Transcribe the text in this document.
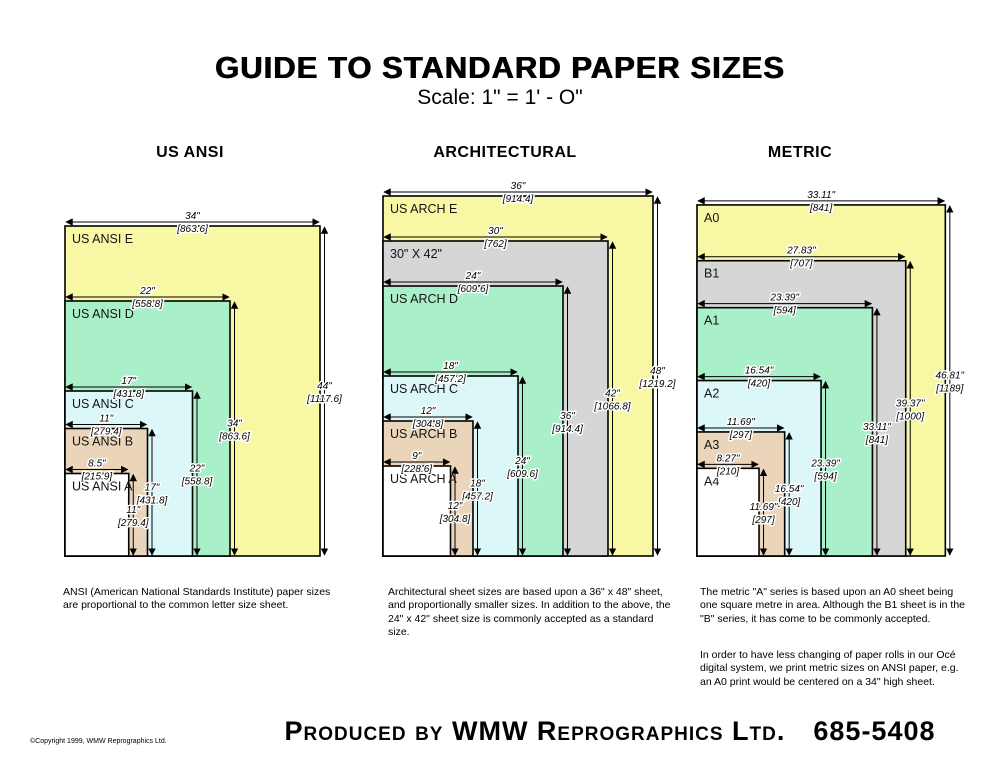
GUIDE TO STANDARD PAPER SIZES
Scale: 1" = 1' - O"
US ANSI	ARCHITECTURAL	METRIC
US ANSI E
US ANSI D
US ANSI C
US ANSI B
US ANSI A
34"
[863.6]
44"
[1117.6]
22"
[558.8]
34"
[863.6]
17"
[431.8]
22"
[558.8]
11"
[279.4]
17"
[431.8]
8.5"
[215.9]
11"
[279.4]
US ARCH E
30" X 42"
US ARCH D
US ARCH C
US ARCH B
US ARCH A
36"
[914.4]
48"
[1219.2]
30"
[762]
42"
[1066.8]
24"
[609.6]
36"
[914.4]
18"
[457.2]
24"
[609.6]
12"
[304.8]
18"
[457.2]
9"
[228.6]
12"
[304.8]
A0
B1
A1
A2
A3
A4
33.11"
[841]
46.81"
[1189]
27.83"
[707]
39.37"
[1000]
23.39"
[594]
33.11"
[841]
16.54"
[420]
23.39"
[594]
11.69"
[297]
16.54"
[420]
8.27"
[210]
11.69"
[297]
ANSI (American National Standards Institute) paper sizes are proportional to the common letter size sheet.
Architectural sheet sizes are based upon a 36" x 48" sheet, and proportionally smaller sizes. In addition to the above, the 24" x 42" sheet size is commonly accepted as a standard size.
The metric "A" series is based upon an A0 sheet being one square metre in area. Although the B1 sheet is in the "B" series, it has come to be commonly accepted.
In order to have less changing of paper rolls in our Océ digital system, we print metric sizes on ANSI paper, e.g. an A0 print would be centered on a 34" high sheet.
Produced by WMW Reprographics Ltd. 685-5408
©Copyright 1999, WMW Reprographics Ltd.
